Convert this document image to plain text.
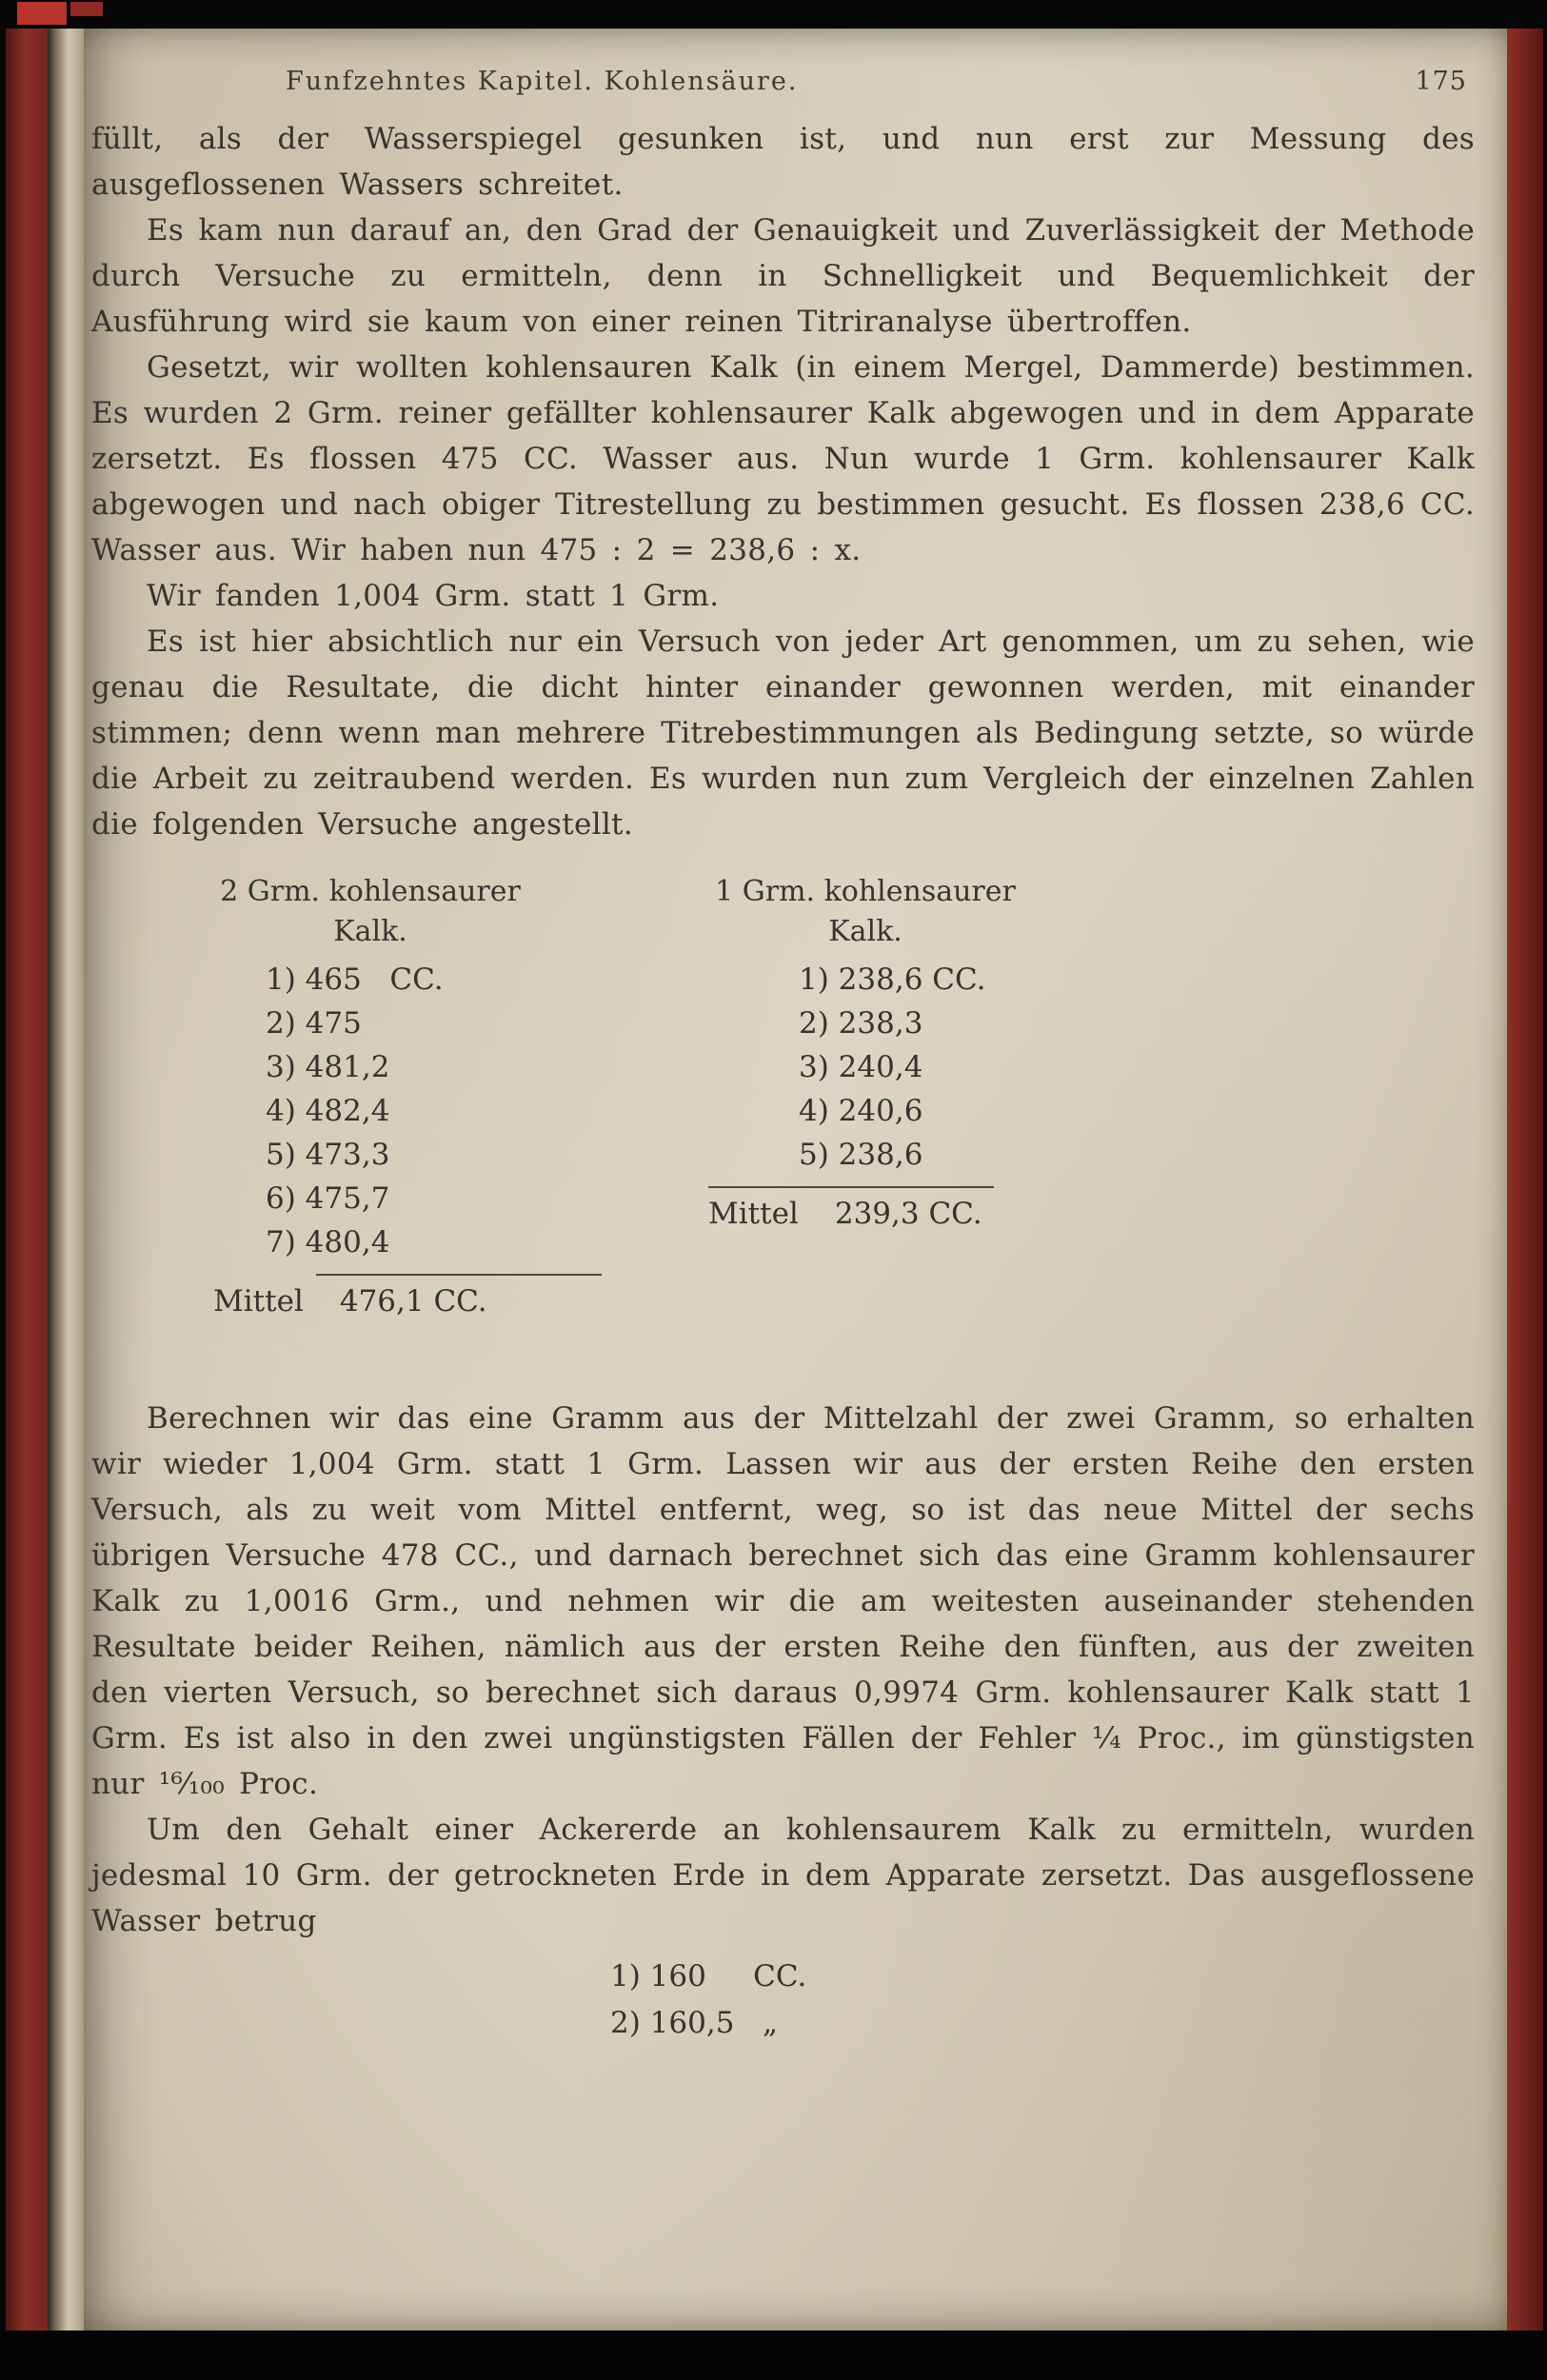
Funfzehntes Kapitel. Kohlensäure.	175

füllt, als der Wasserspiegel gesunken ist, und nun erst zur Messung des ausgeflossenen Wassers schreitet.

Es kam nun darauf an, den Grad der Genauigkeit und Zuverlässigkeit der Methode durch Versuche zu ermitteln, denn in Schnelligkeit und Bequemlichkeit der Ausführung wird sie kaum von einer reinen Titriranalyse übertroffen.

Gesetzt, wir wollten kohlensauren Kalk (in einem Mergel, Dammerde) bestimmen. Es wurden 2 Grm. reiner gefällter kohlensaurer Kalk abgewogen und in dem Apparate zersetzt. Es flossen 475 CC. Wasser aus. Nun wurde 1 Grm. kohlensaurer Kalk abgewogen und nach obiger Titrestellung zu bestimmen gesucht. Es flossen 238,6 CC. Wasser aus. Wir haben nun 475 : 2 = 238,6 : x.

Wir fanden 1,004 Grm. statt 1 Grm.

Es ist hier absichtlich nur ein Versuch von jeder Art genommen, um zu sehen, wie genau die Resultate, die dicht hinter einander gewonnen werden, mit einander stimmen; denn wenn man mehrere Titrebestimmungen als Bedingung setzte, so würde die Arbeit zu zeitraubend werden. Es wurden nun zum Vergleich der einzelnen Zahlen die folgenden Versuche angestellt.

2 Grm. kohlensaurer
Kalk.
1) 465   CC.
2) 475
3) 481,2
4) 482,4
5) 473,3
6) 475,7
7) 480,4
Mittel 476,1 CC.
1 Grm. kohlensaurer
Kalk.
1) 238,6 CC.
2) 238,3
3) 240,4
4) 240,6
5) 238,6
Mittel 239,3 CC.

Berechnen wir das eine Gramm aus der Mittelzahl der zwei Gramm, so erhalten wir wieder 1,004 Grm. statt 1 Grm. Lassen wir aus der ersten Reihe den ersten Versuch, als zu weit vom Mittel entfernt, weg, so ist das neue Mittel der sechs übrigen Versuche 478 CC., und darnach berechnet sich das eine Gramm kohlensaurer Kalk zu 1,0016 Grm., und nehmen wir die am weitesten auseinander stehenden Resultate beider Reihen, nämlich aus der ersten Reihe den fünften, aus der zweiten den vierten Versuch, so berechnet sich daraus 0,9974 Grm. kohlensaurer Kalk statt 1 Grm. Es ist also in den zwei ungünstigsten Fällen der Fehler ¹⁄₄ Proc., im günstigsten nur ¹⁶⁄₁₀₀ Proc.

Um den Gehalt einer Ackererde an kohlensaurem Kalk zu ermitteln, wurden jedesmal 10 Grm. der getrockneten Erde in dem Apparate zersetzt. Das ausgeflossene Wasser betrug

1) 160     CC.
2) 160,5   „
